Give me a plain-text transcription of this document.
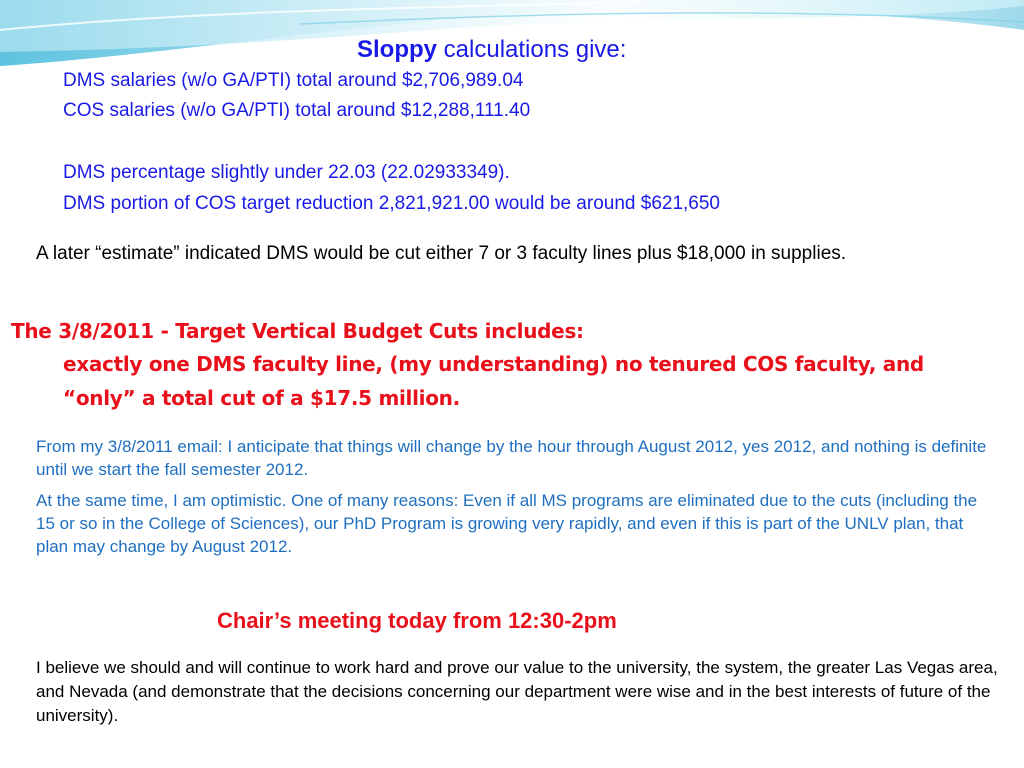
Sloppy calculations give:
DMS salaries (w/o GA/PTI) total around $2,706,989.04
COS salaries (w/o GA/PTI) total around $12,288,111.40
DMS percentage slightly under 22.03 (22.02933349).
DMS portion of COS target reduction 2,821,921.00 would be around $621,650

A later “estimate” indicated DMS would be cut either 7 or 3 faculty lines plus $18,000 in supplies.

The 3/8/2011 - Target Vertical Budget Cuts includes:
exactly one DMS faculty line, (my understanding) no tenured COS faculty, and
“only” a total cut of a $17.5 million.

From my 3/8/2011 email: I anticipate that things will change by the hour through August 2012, yes 2012, and nothing is definite until we start the fall semester 2012.

At the same time, I am optimistic. One of many reasons: Even if all MS programs are eliminated due to the cuts (including the 15 or so in the College of Sciences), our PhD Program is growing very rapidly, and even if this is part of the UNLV plan, that plan may change by August 2012.

Chair’s meeting today from 12:30-2pm

I believe we should and will continue to work hard and prove our value to the university, the system, the greater Las Vegas area, and Nevada (and demonstrate that the decisions concerning our department were wise and in the best interests of future of the university).
